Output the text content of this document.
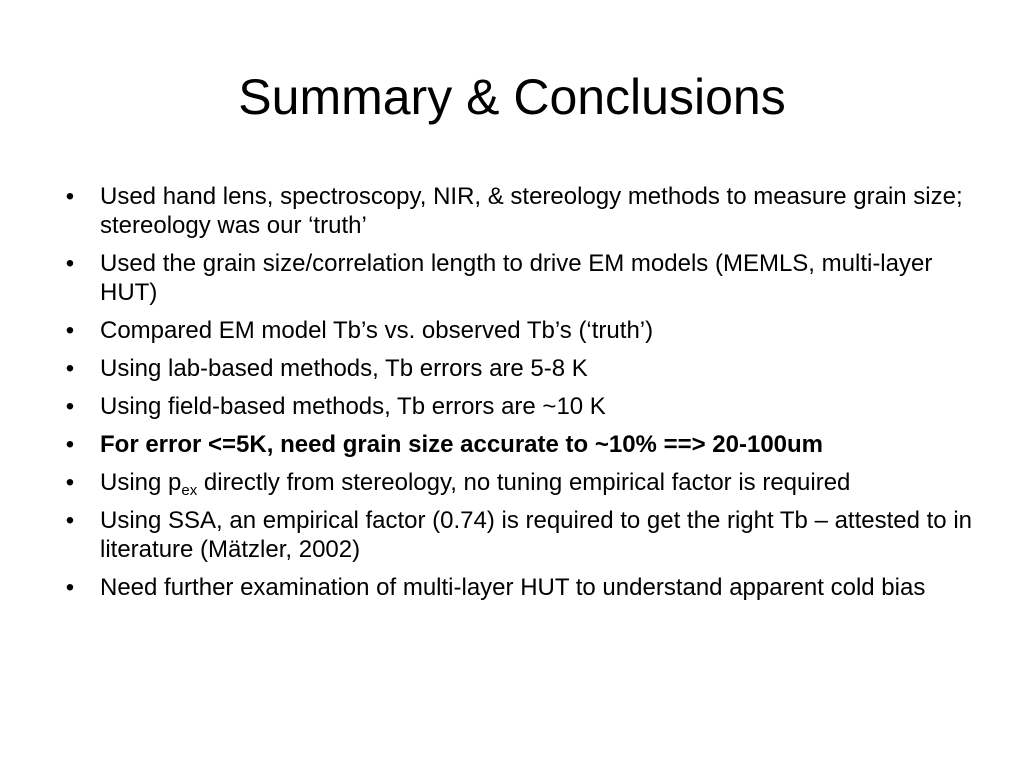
Summary & Conclusions
• Used hand lens, spectroscopy, NIR, & stereology methods to measure grain size; stereology was our ‘truth’
• Used the grain size/correlation length to drive EM models (MEMLS, multi-layer HUT)
• Compared EM model Tb’s vs. observed Tb’s (‘truth’)
• Using lab-based methods, Tb errors are 5-8 K
• Using field-based methods, Tb errors are ~10 K
• For error <=5K, need grain size accurate to ~10% ==> 20-100um
• Using $p_{ex}$ directly from stereology, no tuning empirical factor is required
• Using SSA, an empirical factor (0.74) is required to get the right Tb – attested to in literature (Mätzler, 2002)
• Need further examination of multi-layer HUT to understand apparent cold bias
